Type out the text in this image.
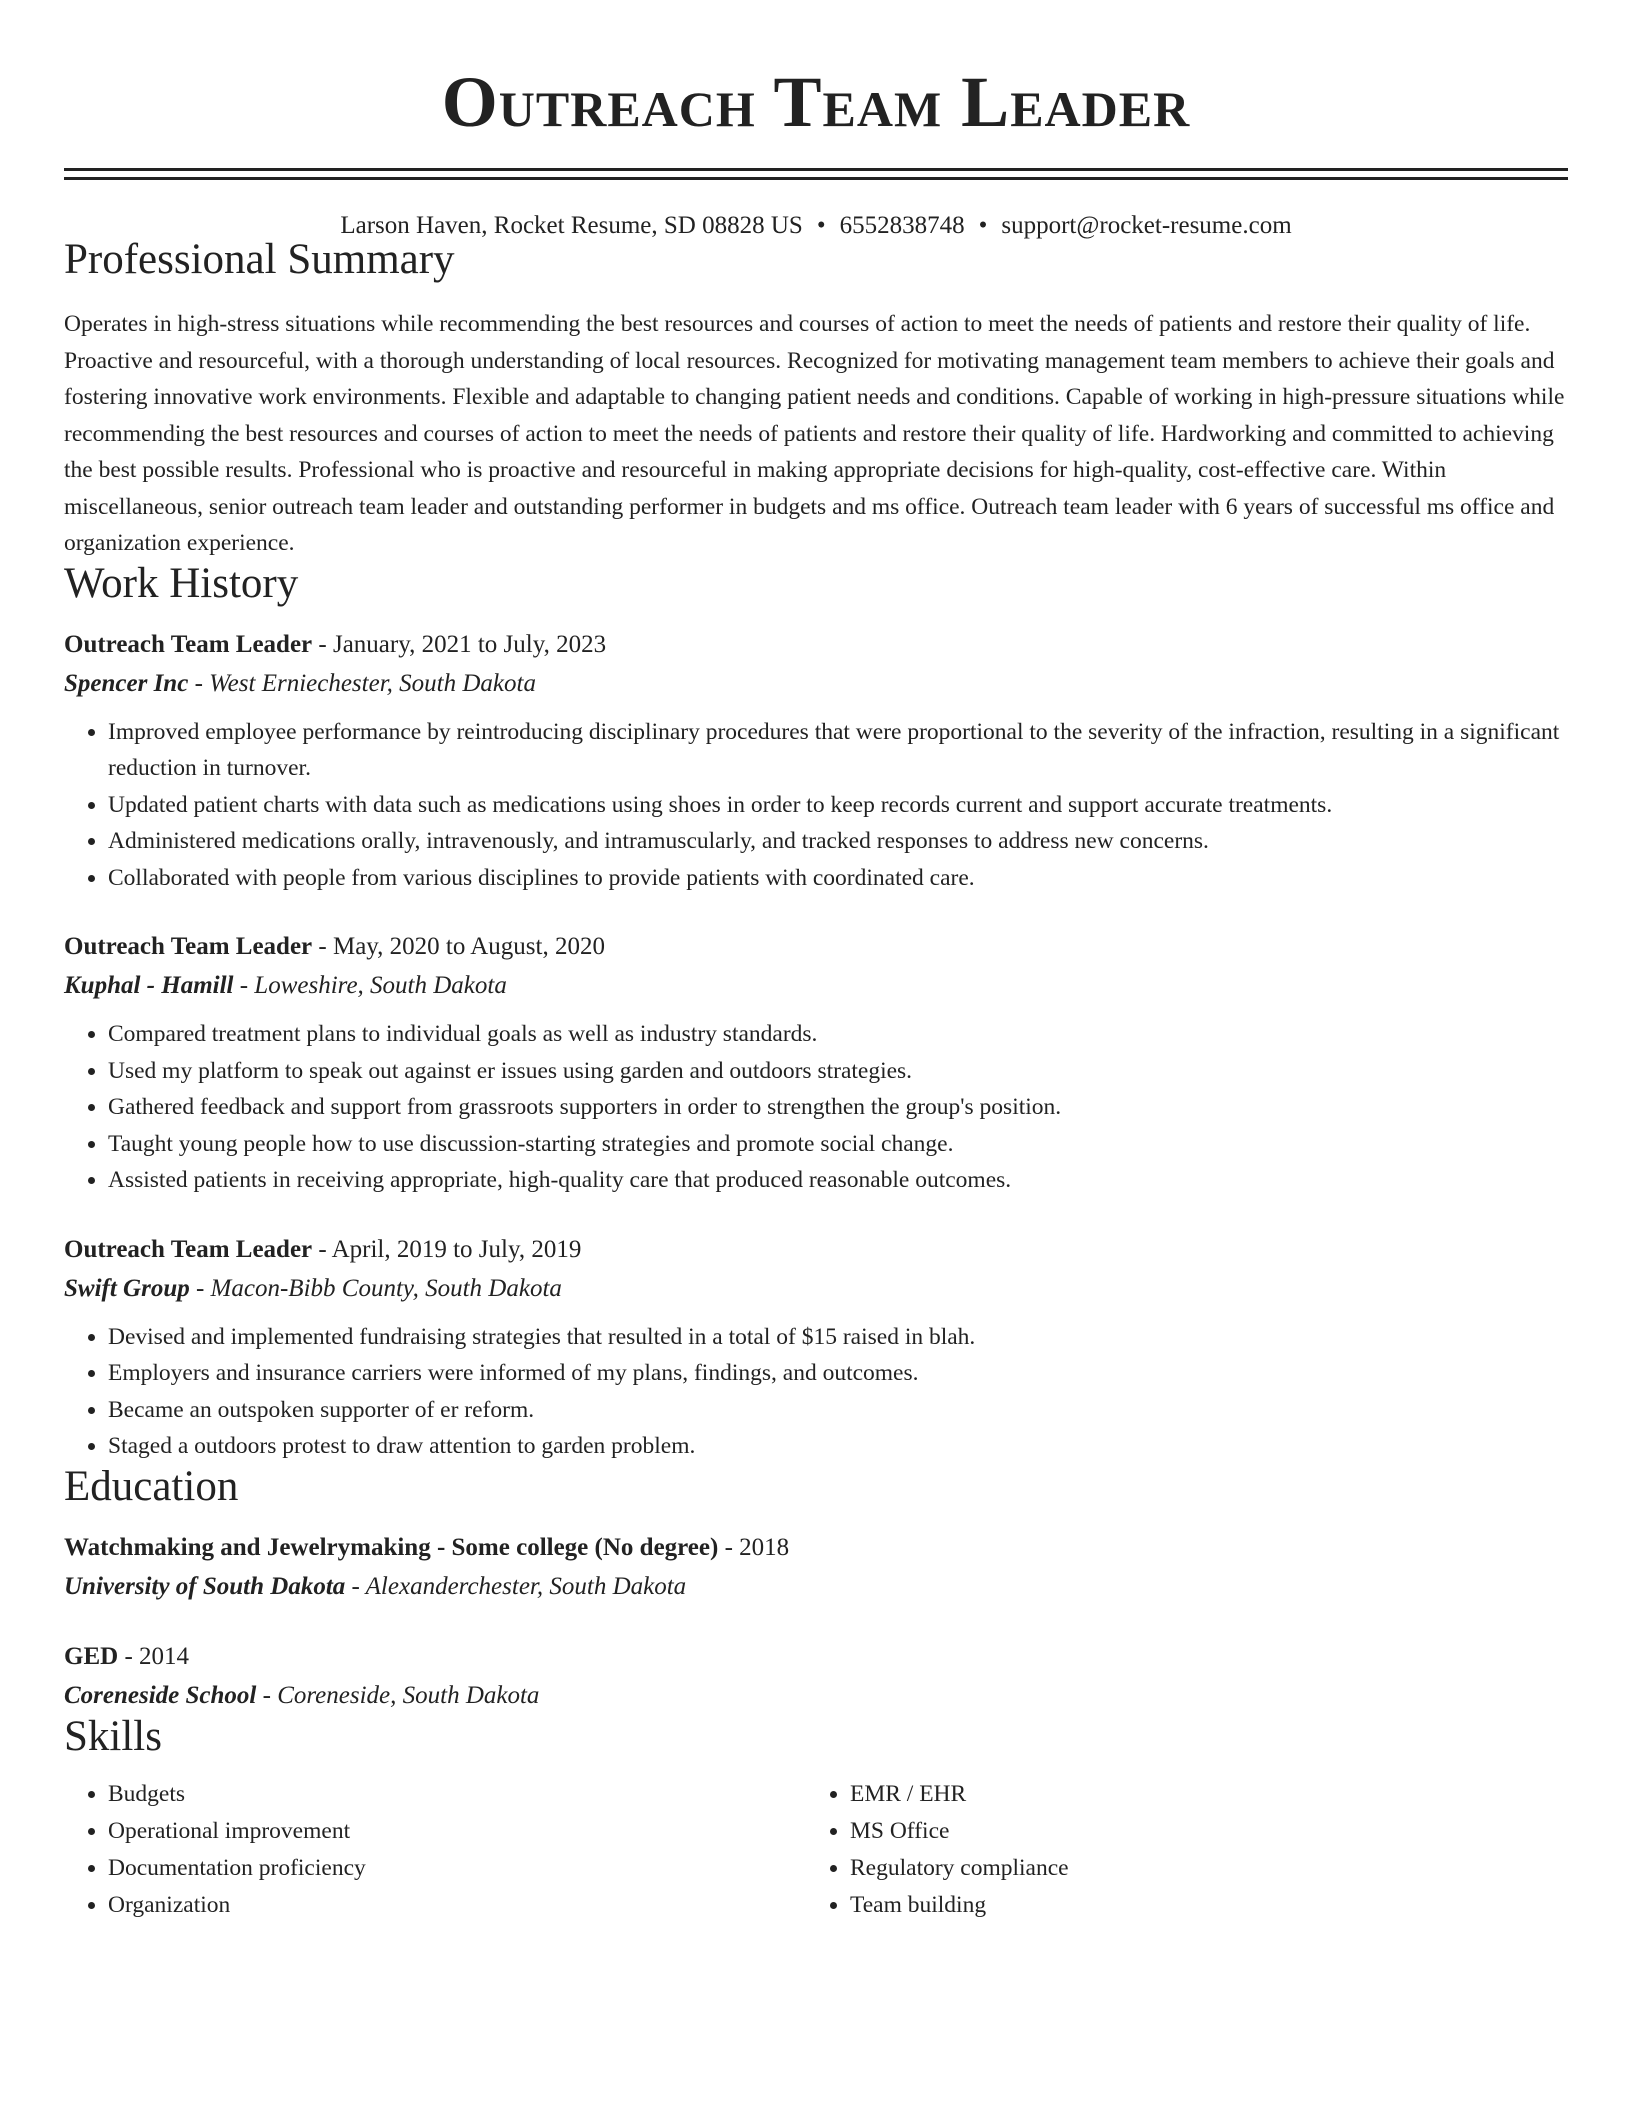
Outreach Team Leader
Larson Haven, Rocket Resume, SD 08828 US • 6552838748 • support@rocket-resume.com
Professional Summary

Operates in high-stress situations while recommending the best resources and courses of action to meet the needs of patients and restore their quality of life. Proactive and resourceful, with a thorough understanding of local resources. Recognized for motivating management team members to achieve their goals and fostering innovative work environments. Flexible and adaptable to changing patient needs and conditions. Capable of working in high-pressure situations while recommending the best resources and courses of action to meet the needs of patients and restore their quality of life. Hardworking and committed to achieving the best possible results. Professional who is proactive and resourceful in making appropriate decisions for high-quality, cost-effective care. Within miscellaneous, senior outreach team leader and outstanding performer in budgets and ms office. Outreach team leader with 6 years of successful ms office and organization experience.

Work History
Outreach Team Leader - January, 2021 to July, 2023
Spencer Inc - West Erniechester, South Dakota
• Improved employee performance by reintroducing disciplinary procedures that were proportional to the severity of the infraction, resulting in a significant reduction in turnover.
• Updated patient charts with data such as medications using shoes in order to keep records current and support accurate treatments.
• Administered medications orally, intravenously, and intramuscularly, and tracked responses to address new concerns.
• Collaborated with people from various disciplines to provide patients with coordinated care.
Outreach Team Leader - May, 2020 to August, 2020
Kuphal - Hamill - Loweshire, South Dakota
• Compared treatment plans to individual goals as well as industry standards.
• Used my platform to speak out against er issues using garden and outdoors strategies.
• Gathered feedback and support from grassroots supporters in order to strengthen the group's position.
• Taught young people how to use discussion-starting strategies and promote social change.
• Assisted patients in receiving appropriate, high-quality care that produced reasonable outcomes.
Outreach Team Leader - April, 2019 to July, 2019
Swift Group - Macon-Bibb County, South Dakota
• Devised and implemented fundraising strategies that resulted in a total of $15 raised in blah.
• Employers and insurance carriers were informed of my plans, findings, and outcomes.
• Became an outspoken supporter of er reform.
• Staged a outdoors protest to draw attention to garden problem.
Education
Watchmaking and Jewelrymaking - Some college (No degree) - 2018
University of South Dakota - Alexanderchester, South Dakota
GED - 2014
Coreneside School - Coreneside, South Dakota
Skills
• Budgets
• Operational improvement
• Documentation proficiency
• Organization
• EMR / EHR
• MS Office
• Regulatory compliance
• Team building
